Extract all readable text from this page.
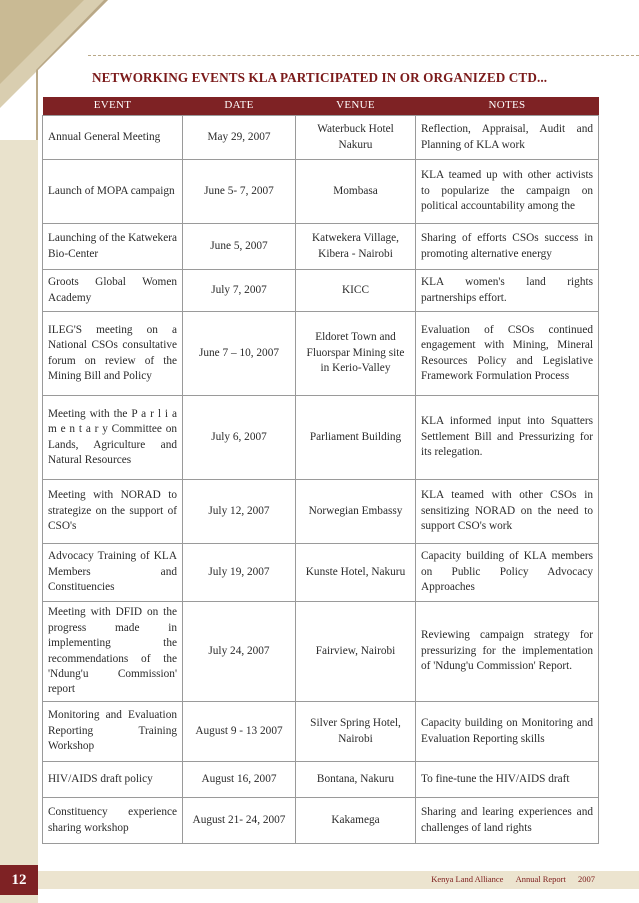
NETWORKING EVENTS KLA PARTICIPATED IN OR ORGANIZED CTD...
EVENT	DATE	VENUE	NOTES
Annual General Meeting	May 29, 2007	Waterbuck Hotel Nakuru	Reflection, Appraisal, Audit and Planning of KLA work
Launch of MOPA campaign	June 5- 7, 2007	Mombasa	KLA teamed up with other activists to popularize the campaign on political accountability among the
Launching of the Katwekera Bio-Center	June 5, 2007	Katwekera Village, Kibera - Nairobi	Sharing of efforts CSOs success in promoting alternative energy
Groots Global Women Academy	July 7, 2007	KICC	KLA women's land rights partnerships effort.
ILEG'S meeting on a National CSOs consultative forum on review of the Mining Bill and Policy	June 7 – 10, 2007	Eldoret Town and Fluorspar Mining site in Kerio-Valley	Evaluation of CSOs continued engagement with Mining, Mineral Resources Policy and Legislative Framework Formulation Process
Meeting with the P a r l i a m e n t a r y Committee on Lands, Agriculture and Natural Resources	July 6, 2007	Parliament Building	KLA informed input into Squatters Settlement Bill and Pressurizing for its relegation.
Meeting with NORAD to strategize on the support of CSO's	July 12, 2007	Norwegian Embassy	KLA teamed with other CSOs in sensitizing NORAD on the need to support CSO's work
Advocacy Training of KLA Members and Constituencies	July 19, 2007	Kunste Hotel, Nakuru	Capacity building of KLA members on Public Policy Advocacy Approaches
Meeting with DFID on the progress made in implementing the recommendations of the 'Ndung'u Commission' report	July 24, 2007	Fairview, Nairobi	Reviewing campaign strategy for pressurizing for the implementation of 'Ndung'u Commission' Report.
Monitoring and Evaluation Reporting Training Workshop	August 9 - 13 2007	Silver Spring Hotel, Nairobi	Capacity building on Monitoring and Evaluation Reporting skills
HIV/AIDS draft policy	August 16, 2007	Bontana, Nakuru	To fine-tune the HIV/AIDS draft
Constituency experience sharing workshop	August 21- 24, 2007	Kakamega	Sharing and learing experiences and challenges of land rights
12	Kenya Land Alliance Annual Report 2007
